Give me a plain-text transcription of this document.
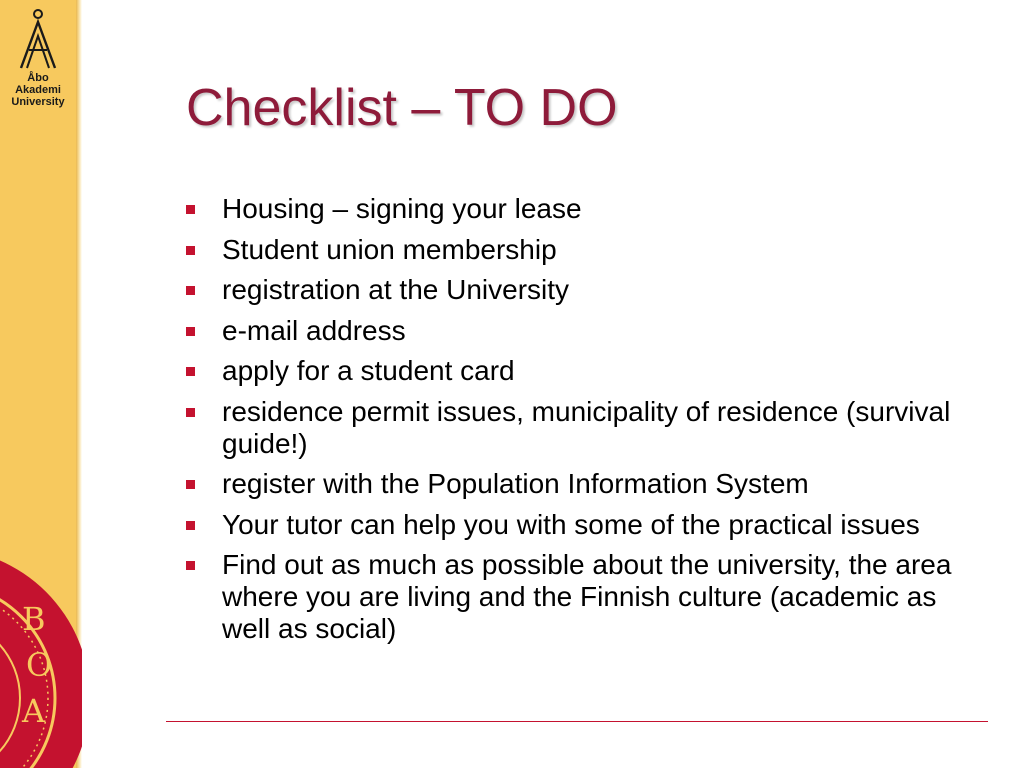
Åbo Akademi
University
B
O
A
Checklist – TO DO
Housing – signing your lease
Student union membership
registration at the University
e-mail address
apply for a student card
residence permit issues, municipality of residence (survival guide!)
register with the Population Information System
Your tutor can help you with some of the practical issues
Find out as much as possible about the university, the area where you are living and the Finnish culture (academic as well as social)
